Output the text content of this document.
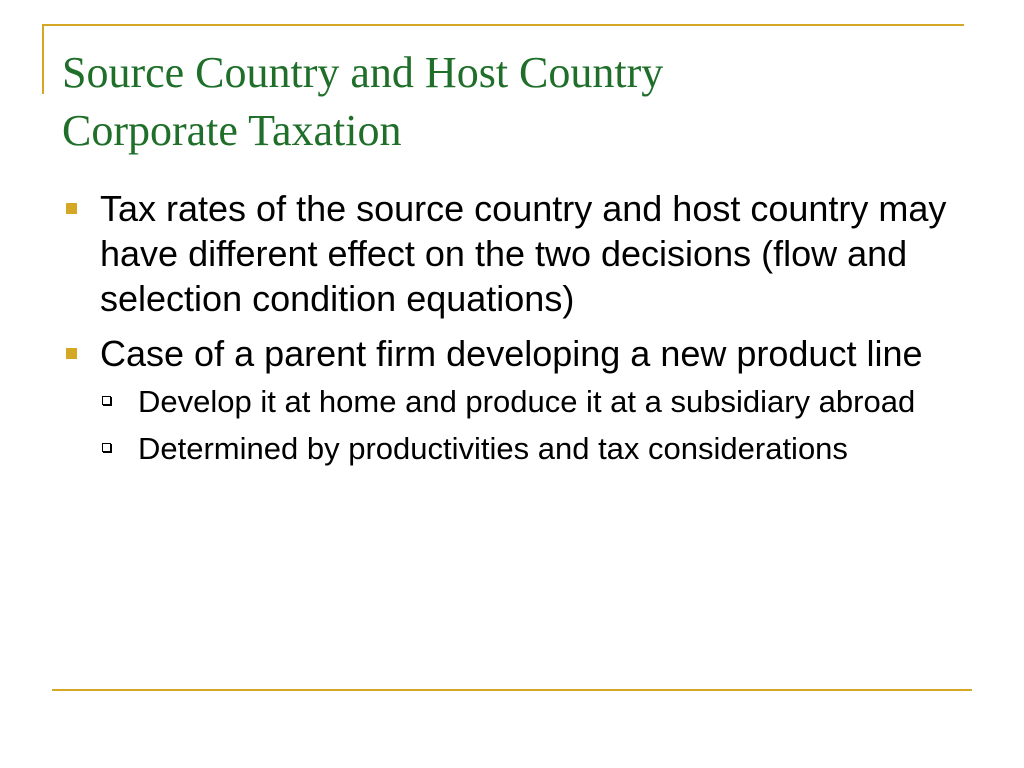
Source Country and Host Country
Corporate Taxation
Tax rates of the source country and host country may have different effect on the two decisions (flow and selection condition equations)
Case of a parent firm developing a new product line
Develop it at home and produce it at a subsidiary abroad
Determined by productivities and tax considerations
